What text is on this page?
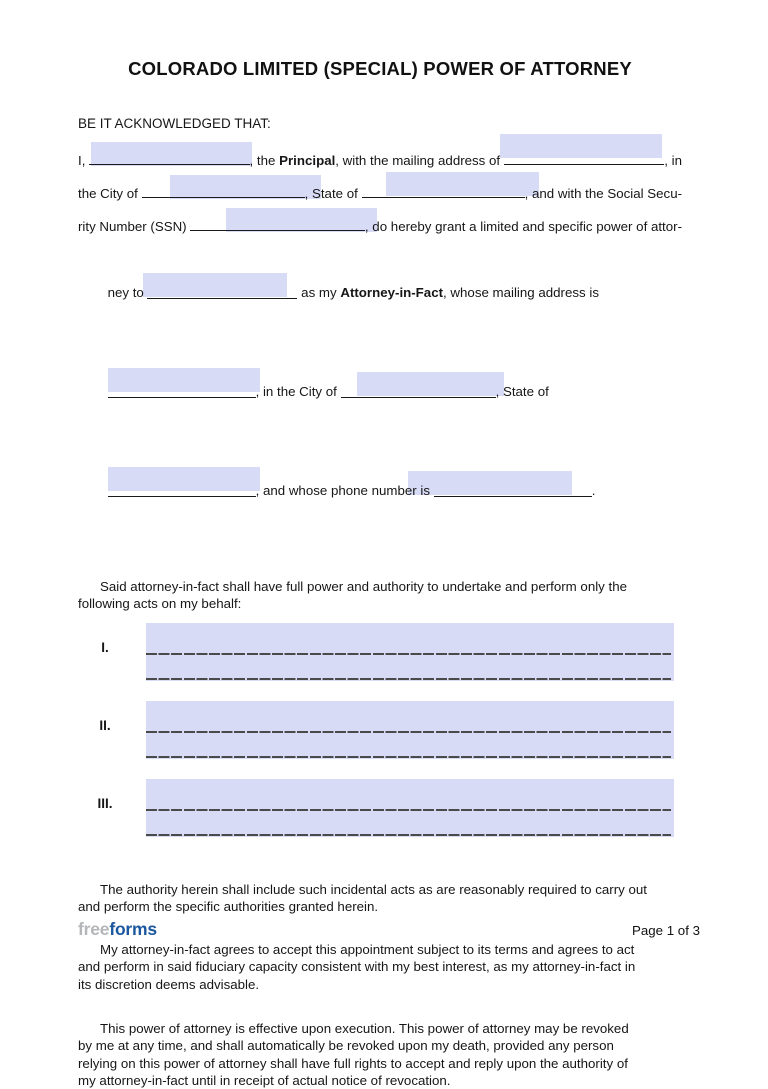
COLORADO LIMITED (SPECIAL) POWER OF ATTORNEY
BE IT ACKNOWLEDGED THAT:
I,	, the Principal , with the mailing address of	, in
the City of	, State of	, and with the Social Secu-
rity Number (SSN)	, do hereby grant a limited and specific power of attor-

ney to	as my Attorney-in-Fact, whose mailing address is

, in the City of	, State of

, and whose phone number is	.

Said attorney-in-fact shall have full power and authority to undertake and perform only the
following acts on my behalf:
I.
II.
III.
The authority herein shall include such incidental acts as are reasonably required to carry out
and perform the specific authorities granted herein.
My attorney-in-fact agrees to accept this appointment subject to its terms and agrees to act
and perform in said fiduciary capacity consistent with my best interest, as my attorney-in-fact in
its discretion deems advisable.
This power of attorney is effective upon execution. This power of attorney may be revoked
by me at any time, and shall automatically be revoked upon my death, provided any person
relying on this power of attorney shall have full rights to accept and reply upon the authority of
my attorney-in-fact until in receipt of actual notice of revocation.
freeforms	Page 1 of 3
